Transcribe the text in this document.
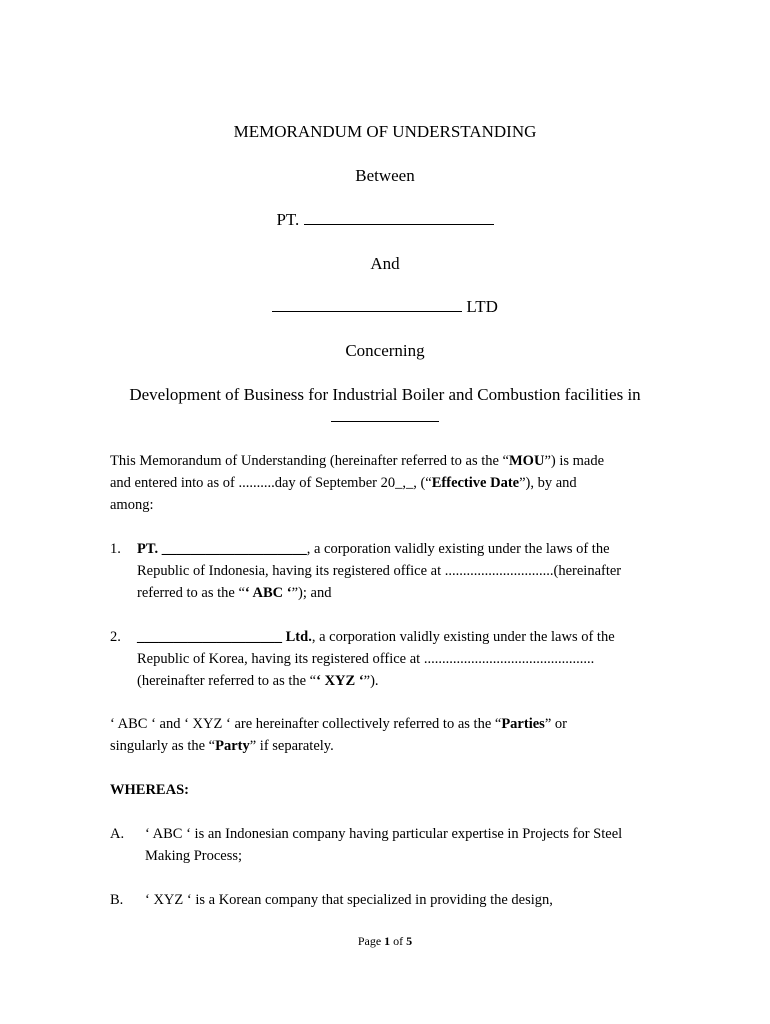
MEMORANDUM OF UNDERSTANDING
Between
PT.
And
LTD
Concerning
Development of Business for Industrial Boiler and Combustion facilities in
This Memorandum of Understanding (hereinafter referred to as the “MOU”) is made
and entered into as of ..........day of September 20_,_, (“Effective Date”), by and
among:
1. PT. ____________________, a corporation validly existing under the laws of the
Republic of Indonesia, having its registered office at ..............................(hereinafter
referred to as the “‘ ABC ‘”); and
2. ____________________ Ltd., a corporation validly existing under the laws of the
Republic of Korea, having its registered office at ...............................................
(hereinafter referred to as the “‘ XYZ ‘”).
‘ ABC ‘ and ‘ XYZ ‘ are hereinafter collectively referred to as the “Parties” or
singularly as the “Party” if separately.
WHEREAS:
A. ‘ ABC ‘ is an Indonesian company having particular expertise in Projects for Steel
Making Process;
B. ‘ XYZ ‘ is a Korean company that specialized in providing the design,
Page 1 of 5
